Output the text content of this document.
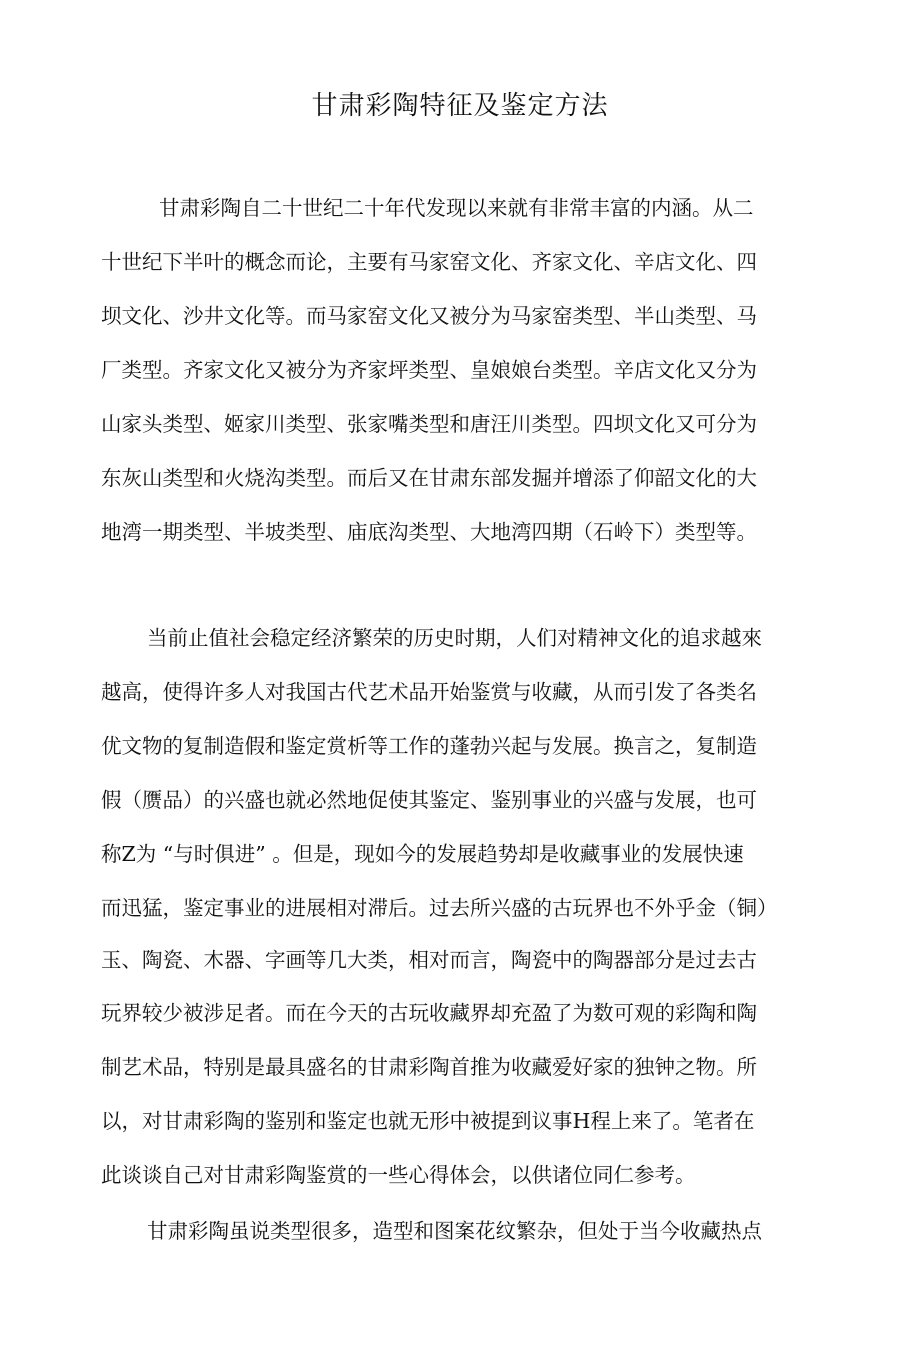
甘肃彩陶特征及鉴定方法
甘肃彩陶自二十世纪二十年代发现以来就有非常丰富的内涵。从二
十世纪下半叶的概念而论，主要有马家窑文化、齐家文化、辛店文化、四
坝文化、沙井文化等。而马家窑文化又被分为马家窑类型、半山类型、马
厂类型。齐家文化又被分为齐家坪类型、皇娘娘台类型。辛店文化又分为
山家头类型、姬家川类型、张家嘴类型和唐汪川类型。四坝文化又可分为
东灰山类型和火烧沟类型。而后又在甘肃东部发掘并增添了仰韶文化的大
地湾一期类型、半坡类型、庙底沟类型、大地湾四期（石岭下）类型等。
当前止值社会稳定经济繁荣的历史时期，人们对精神文化的追求越來
越高，使得许多人对我国古代艺术品开始鉴赏与收藏，从而引发了各类名
优文物的复制造假和鉴定赏析等工作的蓬勃兴起与发展。换言之，复制造
假（赝品）的兴盛也就必然地促使其鉴定、鉴别事业的兴盛与发展，也可
称Z为 “与时俱进” 。但是，现如今的发展趋势却是收藏事业的发展快速
而迅猛，鉴定事业的进展相对滞后。过去所兴盛的古玩界也不外乎金（铜）
玉、陶瓷、木器、字画等几大类，相对而言，陶瓷中的陶器部分是过去古
玩界较少被涉足者。而在今天的古玩收藏界却充盈了为数可观的彩陶和陶
制艺术品，特别是最具盛名的甘肃彩陶首推为收藏爱好家的独钟之物。所
以，对甘肃彩陶的鉴别和鉴定也就无形中被提到议事H程上来了。笔者在
此谈谈自己对甘肃彩陶鉴赏的一些心得体会，以供诸位同仁参考。
甘肃彩陶虽说类型很多，造型和图案花纹繁杂，但处于当今收藏热点
